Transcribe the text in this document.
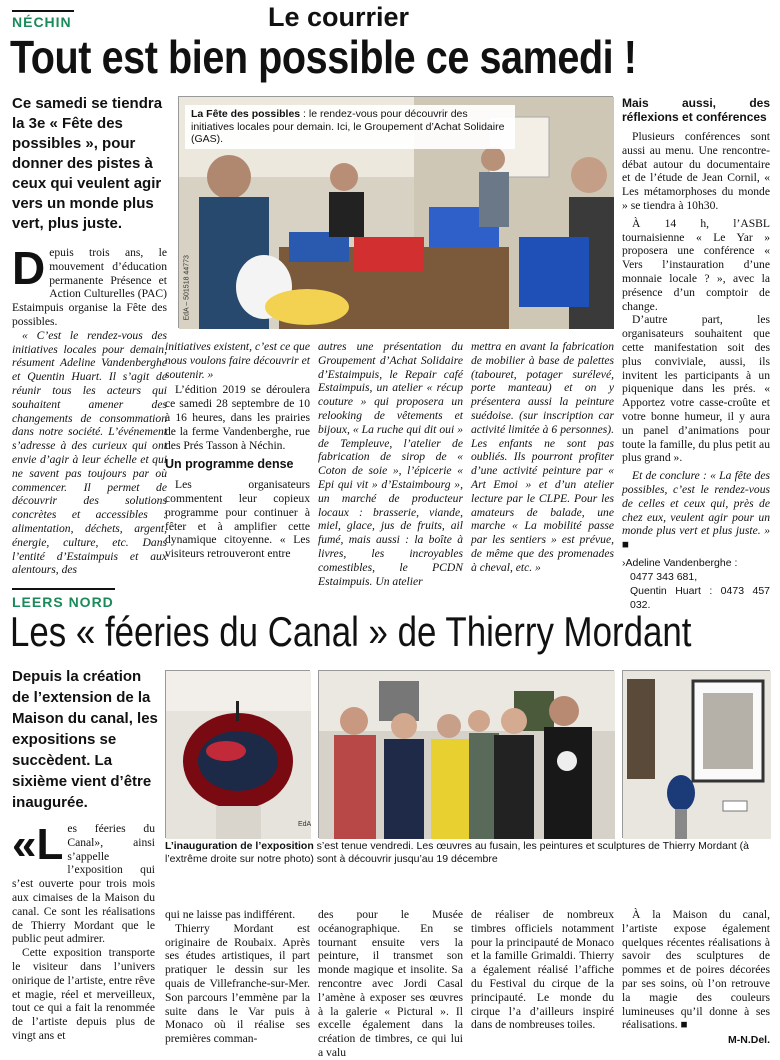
NÉCHIN	Le courrier
Tout est bien possible ce samedi !
Ce samedi se tiendra la 3e « Fête des possibles », pour donner des pistes à ceux qui veulent agir vers un monde plus vert, plus juste.
La Fête des possibles : le rendez-vous pour découvrir des initiatives locales pour demain. Ici, le Groupement d’Achat Solidaire (GAS).
EdA – 501518 44773
D epuis trois ans, le mouvement d’éducation permanente Présence et Action Culturelles (PAC) Estaimpuis organise la Fête des possibles.

« C’est le rendez-vous des initiatives locales pour demain, résument Adeline Vandenberghe et Quentin Huart. Il s’agit de réunir tous les acteurs qui souhaitent amener des changements de consommation dans notre société. L’événement s’adresse à des curieux qui ont envie d’agir à leur échelle et qui ne savent pas toujours par où commencer. Il permet de découvrir des solutions concrètes et accessibles : alimentation, déchets, argent, énergie, culture, etc. Dans l’entité d’Estaimpuis et aux alentours, des

initiatives existent, c’est ce que nous voulons faire découvrir et soutenir. »

L’édition 2019 se déroulera ce samedi 28 septembre de 10 à 16 heures, dans les prairies de la ferme Vandenberghe, rue des Prés Tasson à Néchin.

Un programme dense

Les organisateurs commentent leur copieux programme pour continuer à fêter et à amplifier cette dynamique citoyenne. « Les visiteurs retrouveront entre

autres une présentation du Groupement d’Achat Solidaire d’Estaimpuis, le Repair café Estaimpuis, un atelier « récup couture » qui proposera un relooking de vêtements et bijoux, « La ruche qui dit oui » de Templeuve, l’atelier de fabrication de sirop de « Coton de soie », l’épicerie « Epi qui vit » d’Estaimbourg », un marché de producteur locaux : brasserie, viande, miel, glace, jus de fruits, ail fumé, mais aussi : la boîte à livres, les incroyables comestibles, le PCDN Estaimpuis. Un atelier

mettra en avant la fabrication de mobilier à base de palettes (tabouret, potager surélevé, porte manteau) et on y présentera aussi la peinture suédoise. (sur inscription car activité limitée à 6 personnes). Les enfants ne sont pas oubliés. Ils pourront profiter d’une activité peinture par « Art Emoi » et d’un atelier lecture par le CLPE. Pour les amateurs de balade, une marche « La mobilité passe par les sentiers » est prévue, de même que des promenades à cheval, etc. »

Mais aussi, des réflexions et conférences

Plusieurs conférences sont aussi au menu. Une rencontre-débat autour du documentaire et de l’étude de Jean Cornil, « Les métamorphoses du monde » se tiendra à 10h30.

À 14 h, l’ASBL tournaisienne « Le Yar » proposera une conférence « Vers l’instauration d’une monnaie locale ? », avec la présence d’un comptoir de change.

D’autre part, les organisateurs souhaitent que cette manifestation soit des plus conviviale, aussi, ils invitent les participants à un piquenique dans les prés. « Apportez votre casse-croûte et votre bonne humeur, il y aura un panel d’animations pour toute la famille, du plus petit au plus grand ».

Et de conclure : « La fête des possibles, c’est le rendez-vous de celles et ceux qui, près de chez eux, veulent agir pour un monde plus vert et plus juste. » ■

›Adeline Vandenberghe :
0477 343 681,
Quentin Huart : 0473 457 032.
LEERS NORD
Les « féeries du Canal » de Thierry Mordant
Depuis la création de l’extension de la Maison du canal, les expositions se succèdent. La sixième vient d’être inaugurée.
EdA
L’inauguration de l’exposition s’est tenue vendredi. Les œuvres au fusain, les peintures et sculptures de Thierry Mordant (à l’extrême droite sur notre photo) sont à découvrir jusqu’au 19 décembre
«L es féeries du Canal», ainsi s’appelle l’exposition qui s’est ouverte pour trois mois aux cimaises de la Maison du canal. Ce sont les réalisations de Thierry Mordant que le public peut admirer.

Cette exposition transporte le visiteur dans l’univers onirique de l’artiste, entre rêve et magie, réel et merveilleux, tout ce qui a fait la renommée de l’artiste depuis plus de vingt ans et

qui ne laisse pas indifférent.

Thierry Mordant est originaire de Roubaix. Après ses études artistiques, il part pratiquer le dessin sur les quais de Villefranche-sur-Mer. Son parcours l’emmène par la suite dans le Var puis à Monaco où il réalise ses premières comman-

des pour le Musée océanographique. En se tournant ensuite vers la peinture, il transmet son monde magique et insolite. Sa rencontre avec Jordi Casal l’amène à exposer ses œuvres à la galerie « Pictural ». Il excelle également dans la création de timbres, ce qui lui a valu

de réaliser de nombreux timbres officiels notamment pour la principauté de Monaco et la famille Grimaldi. Thierry a également réalisé l’affiche du Festival du cirque de la principauté. Le monde du cirque l’a d’ailleurs inspiré dans de nombreuses toiles.

À la Maison du canal, l’artiste expose également quelques récentes réalisations à savoir des sculptures de pommes et de poires décorées par ses soins, où l’on retrouve la magie des couleurs lumineuses qu’il donne à ses réalisations. ■

M-N.Del.
